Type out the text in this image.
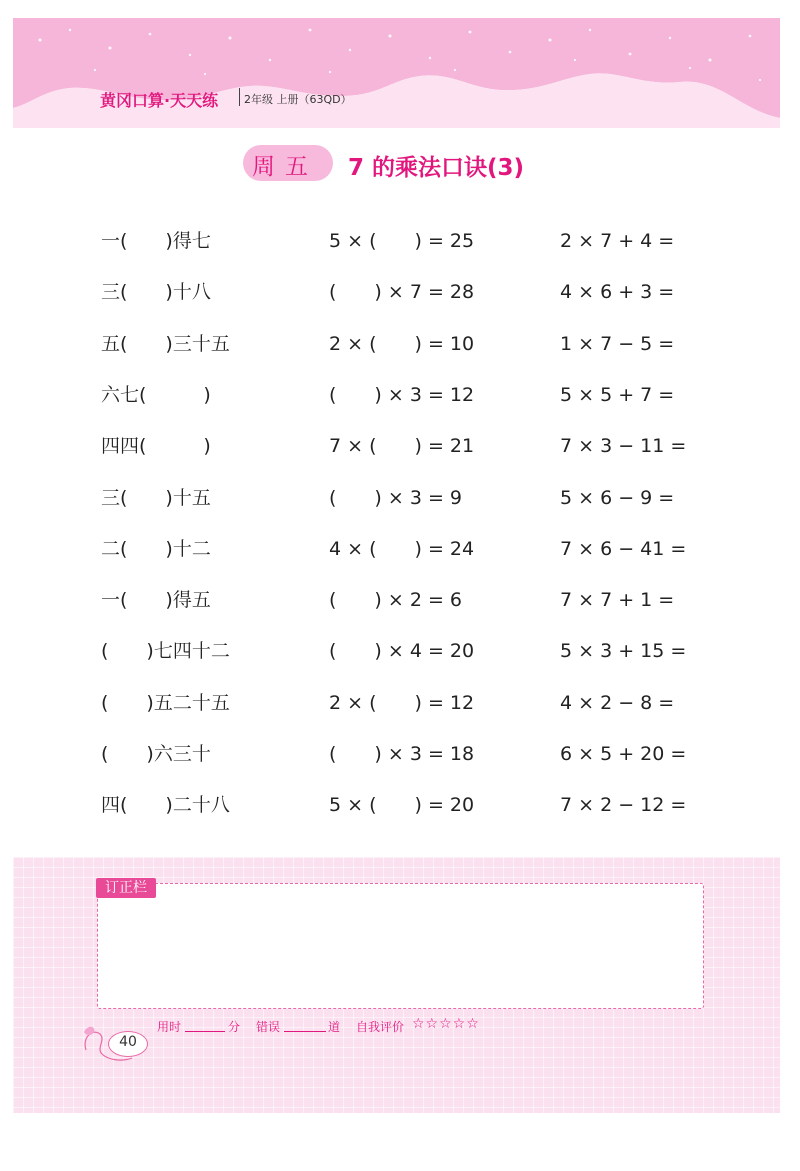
黄冈口算·天天练 2年级 上册（63QD）
周五 7 的乘法口诀(3)
一(　　)得七
三(　　)十八
五(　　)三十五
六七(　　　)
四四(　　　)
三(　　)十五
二(　　)十二
一(　　)得五
(　　)七四十二
(　　)五二十五
(　　)六三十
四(　　)二十八
5 × (　　) = 25
(　　) × 7 = 28
2 × (　　) = 10
(　　) × 3 = 12
7 × (　　) = 21
(　　) × 3 = 9
4 × (　　) = 24
(　　) × 2 = 6
(　　) × 4 = 20
2 × (　　) = 12
(　　) × 3 = 18
5 × (　　) = 20
2 × 7 + 4 =
4 × 6 + 3 =
1 × 7 − 5 =
5 × 5 + 7 =
7 × 3 − 11 =
5 × 6 − 9 =
7 × 6 − 41 =
7 × 7 + 1 =
5 × 3 + 15 =
4 × 2 − 8 =
6 × 5 + 20 =
7 × 2 − 12 =
订正栏
用时	分 错误	道 自我评价 ☆☆☆☆☆
40
